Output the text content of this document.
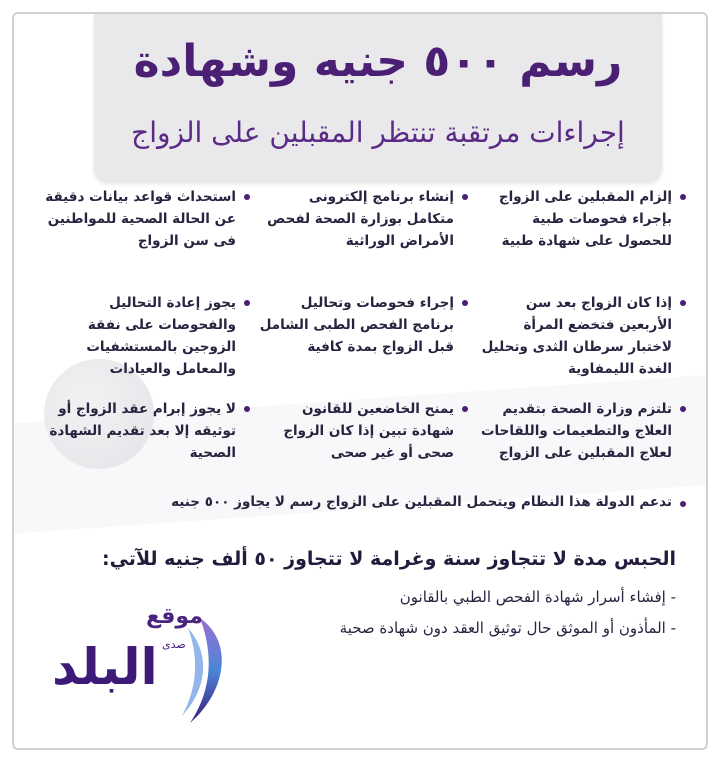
رسم ٥٠٠ جنيه وشهادة
إجراءات مرتقبة تنتظر المقبلين على الزواج
إلزام المقبلين على الزواج بإجراء فحوصات طبية للحصول على شهادة طبية
إنشاء برنامج إلكترونى متكامل بوزارة الصحة لفحص الأمراض الوراثية
استحداث قواعد بيانات دقيقة عن الحالة الصحية للمواطنين فى سن الزواج
إذا كان الزواج بعد سن الأربعين فتخضع المرأة لاختبار سرطان الثدى وتحليل الغدة الليمفاوية
إجراء فحوصات وتحاليل برنامج الفحص الطبى الشامل قبل الزواج بمدة كافية
يجوز إعادة التحاليل والفحوصات على نفقة الزوجين بالمستشفيات والمعامل والعيادات
تلتزم وزارة الصحة بتقديم العلاج والتطعيمات واللقاحات لعلاج المقبلين على الزواج
يمنح الخاضعين للقانون شهادة تبين إذا كان الزواج صحى أو غير صحى
لا يجوز إبرام عقد الزواج أو توثيقه إلا بعد تقديم الشهادة الصحية
تدعم الدولة هذا النظام ويتحمل المقبلين على الزواج رسم لا يجاوز ٥٠٠ جنيه
الحبس مدة لا تتجاوز سنة وغرامة لا تتجاوز ٥٠ ألف جنيه للآتي:
- إفشاء أسرار شهادة الفحص الطبي بالقانون
- المأذون أو الموثق حال توثيق العقد دون شهادة صحية
موقع
صدى
البلد
